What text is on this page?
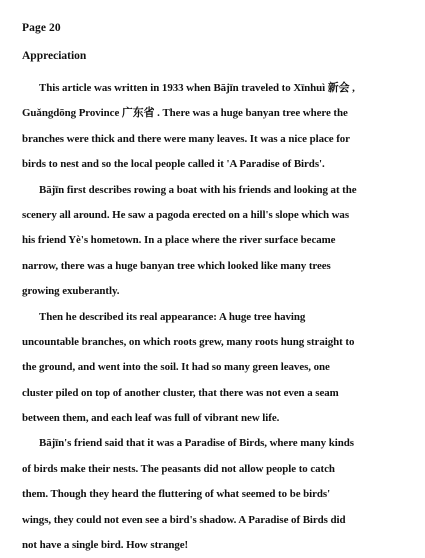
Page 20
Appreciation
This article was written in 1933 when Bājīn traveled to Xīnhuì 新会 ,
Guǎngdōng Province 广东省 . There was a huge banyan tree where the
branches were thick and there were many leaves. It was a nice place for
birds to nest and so the local people called it 'A Paradise of Birds'.
Bājīn first describes rowing a boat with his friends and looking at the
scenery all around. He saw a pagoda erected on a hill's slope which was
his friend Yè's hometown. In a place where the river surface became
narrow, there was a huge banyan tree which looked like many trees
growing exuberantly.
Then he described its real appearance: A huge tree having
uncountable branches, on which roots grew, many roots hung straight to
the ground, and went into the soil. It had so many green leaves, one
cluster piled on top of another cluster, that there was not even a seam
between them, and each leaf was full of vibrant new life.
Bājīn's friend said that it was a Paradise of Birds, where many kinds
of birds make their nests. The peasants did not allow people to catch
them. Though they heard the fluttering of what seemed to be birds'
wings, they could not even see a bird's shadow. A Paradise of Birds did
not have a single bird. How strange!
